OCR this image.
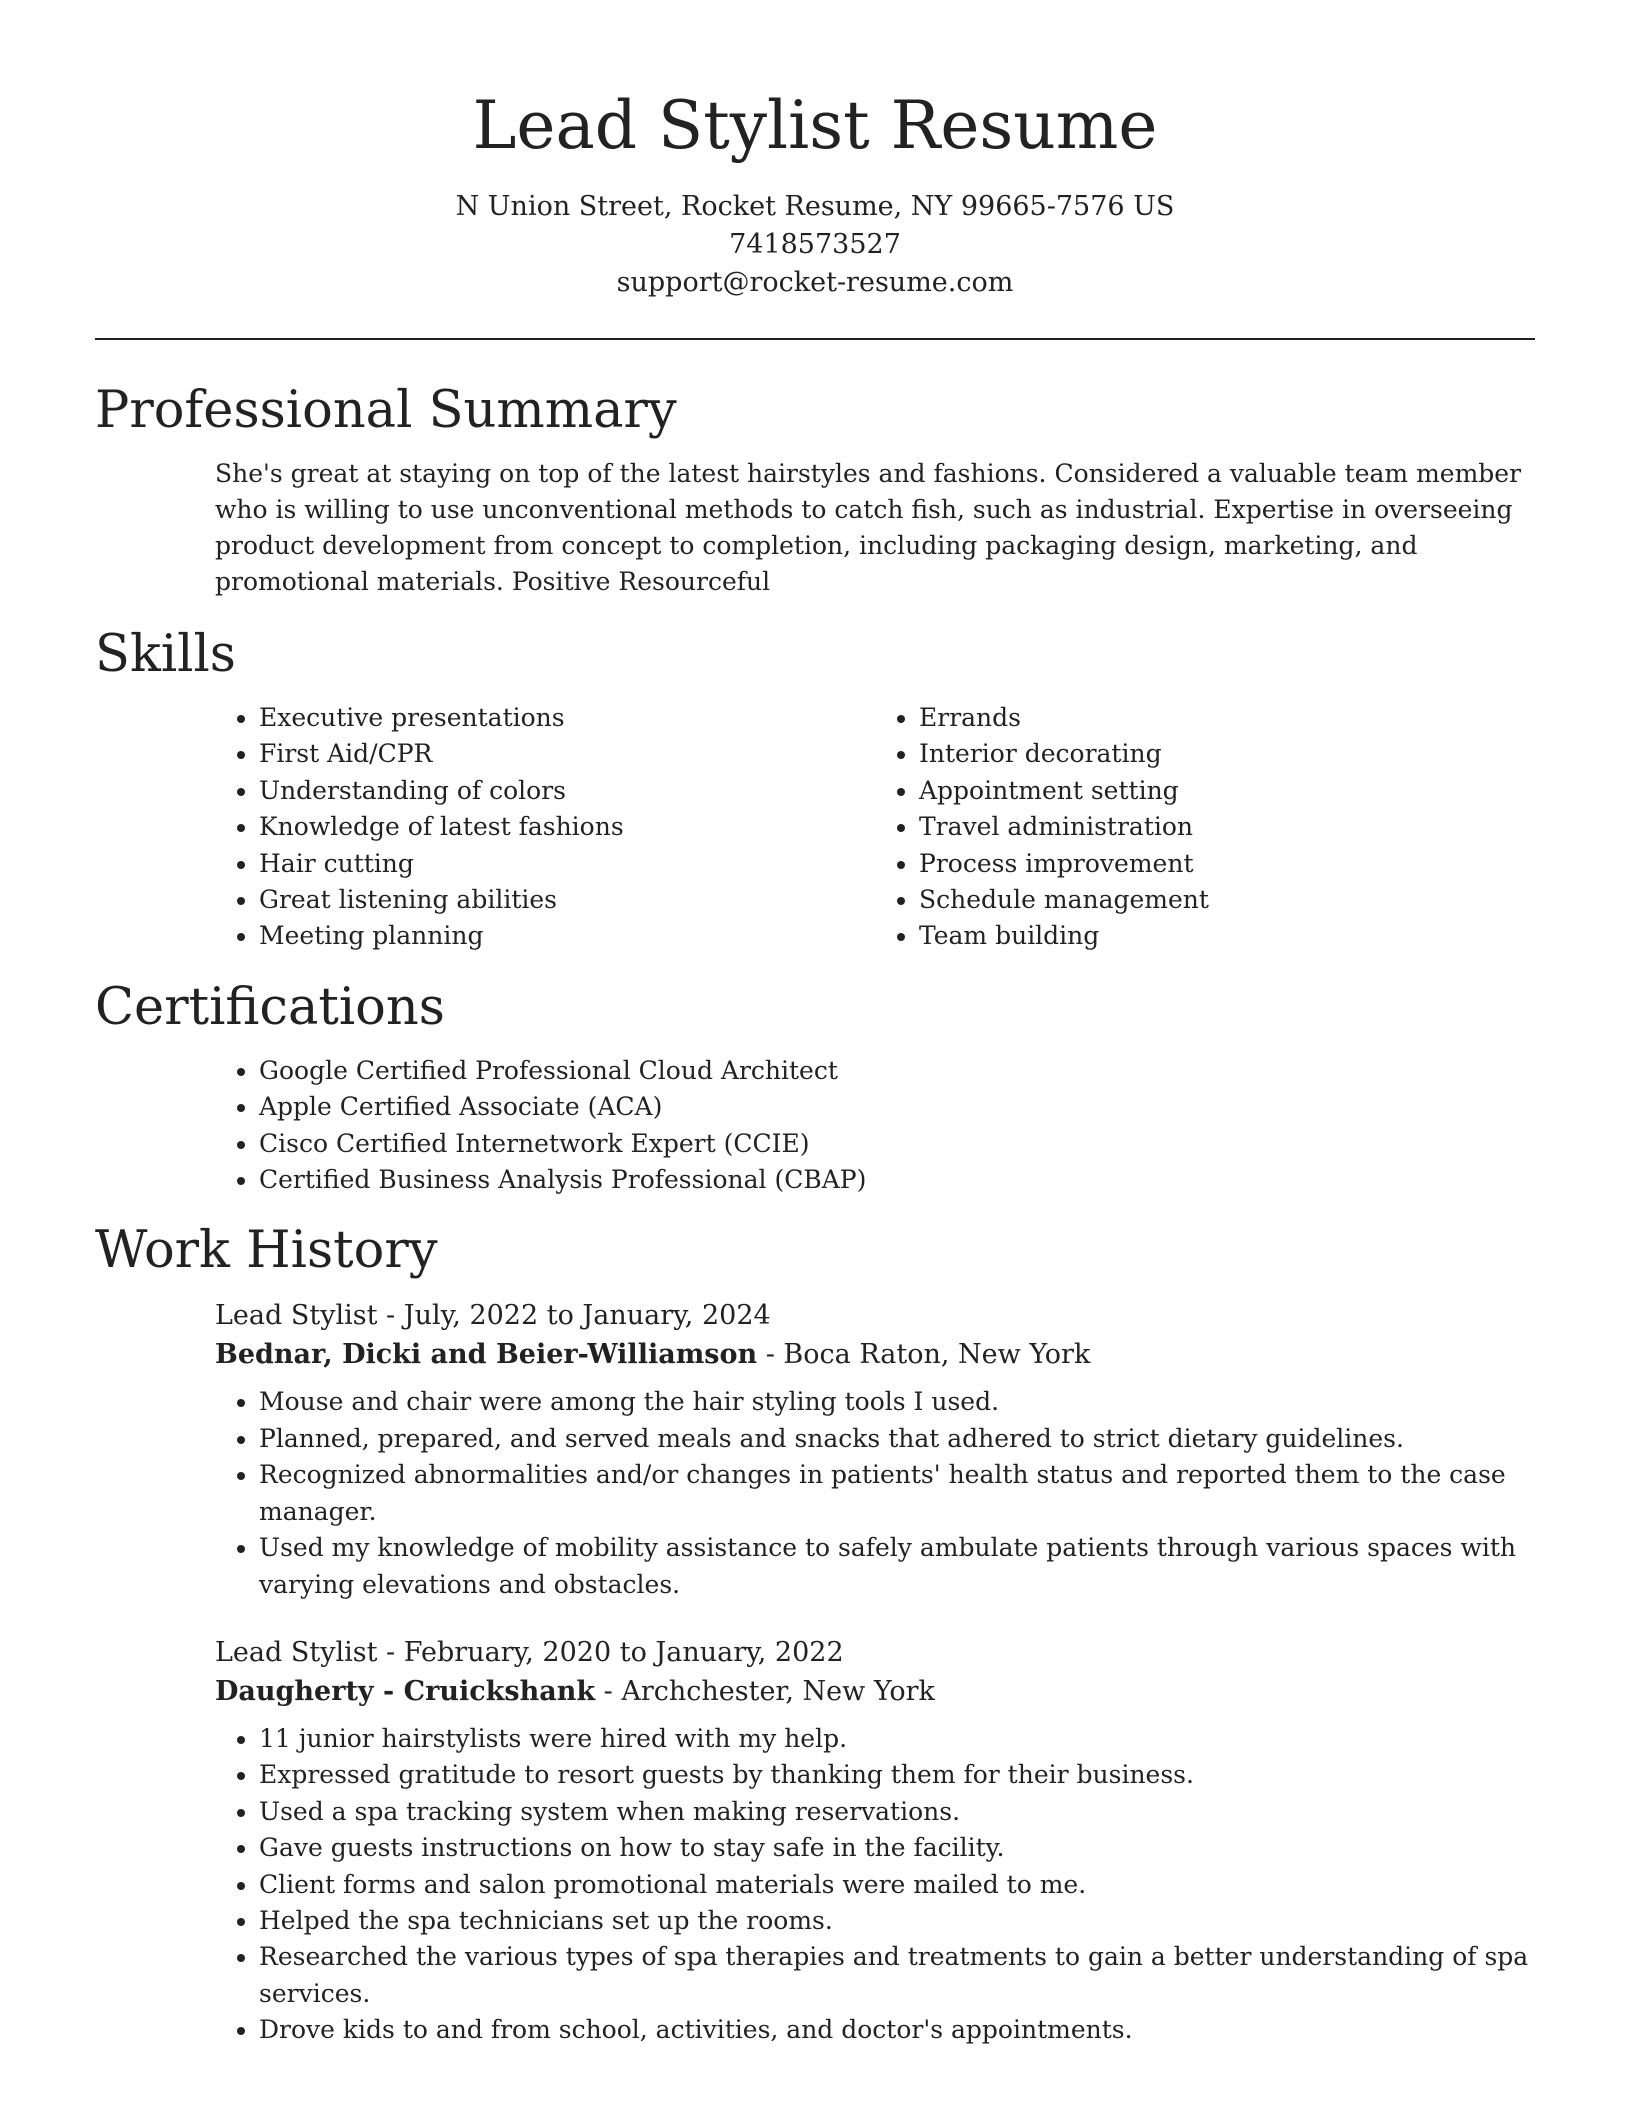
Lead Stylist Resume

N Union Street, Rocket Resume, NY 99665-7576 US

7418573527

support@rocket-resume.com

Professional Summary

She's great at staying on top of the latest hairstyles and fashions. Considered a valuable team member who is willing to use unconventional methods to catch fish, such as industrial. Expertise in overseeing product development from concept to completion, including packaging design, marketing, and promotional materials. Positive Resourceful

Skills
• Executive presentations
• First Aid/CPR
• Understanding of colors
• Knowledge of latest fashions
• Hair cutting
• Great listening abilities
• Meeting planning
• Errands
• Interior decorating
• Appointment setting
• Travel administration
• Process improvement
• Schedule management
• Team building
Certifications
• Google Certified Professional Cloud Architect
• Apple Certified Associate (ACA)
• Cisco Certified Internetwork Expert (CCIE)
• Certified Business Analysis Professional (CBAP)
Work History

Lead Stylist - July, 2022 to January, 2024

Bednar, Dicki and Beier-Williamson - Boca Raton, New York

• Mouse and chair were among the hair styling tools I used.
• Planned, prepared, and served meals and snacks that adhered to strict dietary guidelines.
• Recognized abnormalities and/or changes in patients' health status and reported them to the case manager.
• Used my knowledge of mobility assistance to safely ambulate patients through various spaces with varying elevations and obstacles.

Lead Stylist - February, 2020 to January, 2022

Daugherty - Cruickshank - Archchester, New York

• 11 junior hairstylists were hired with my help.
• Expressed gratitude to resort guests by thanking them for their business.
• Used a spa tracking system when making reservations.
• Gave guests instructions on how to stay safe in the facility.
• Client forms and salon promotional materials were mailed to me.
• Helped the spa technicians set up the rooms.
• Researched the various types of spa therapies and treatments to gain a better understanding of spa services.
• Drove kids to and from school, activities, and doctor's appointments.
